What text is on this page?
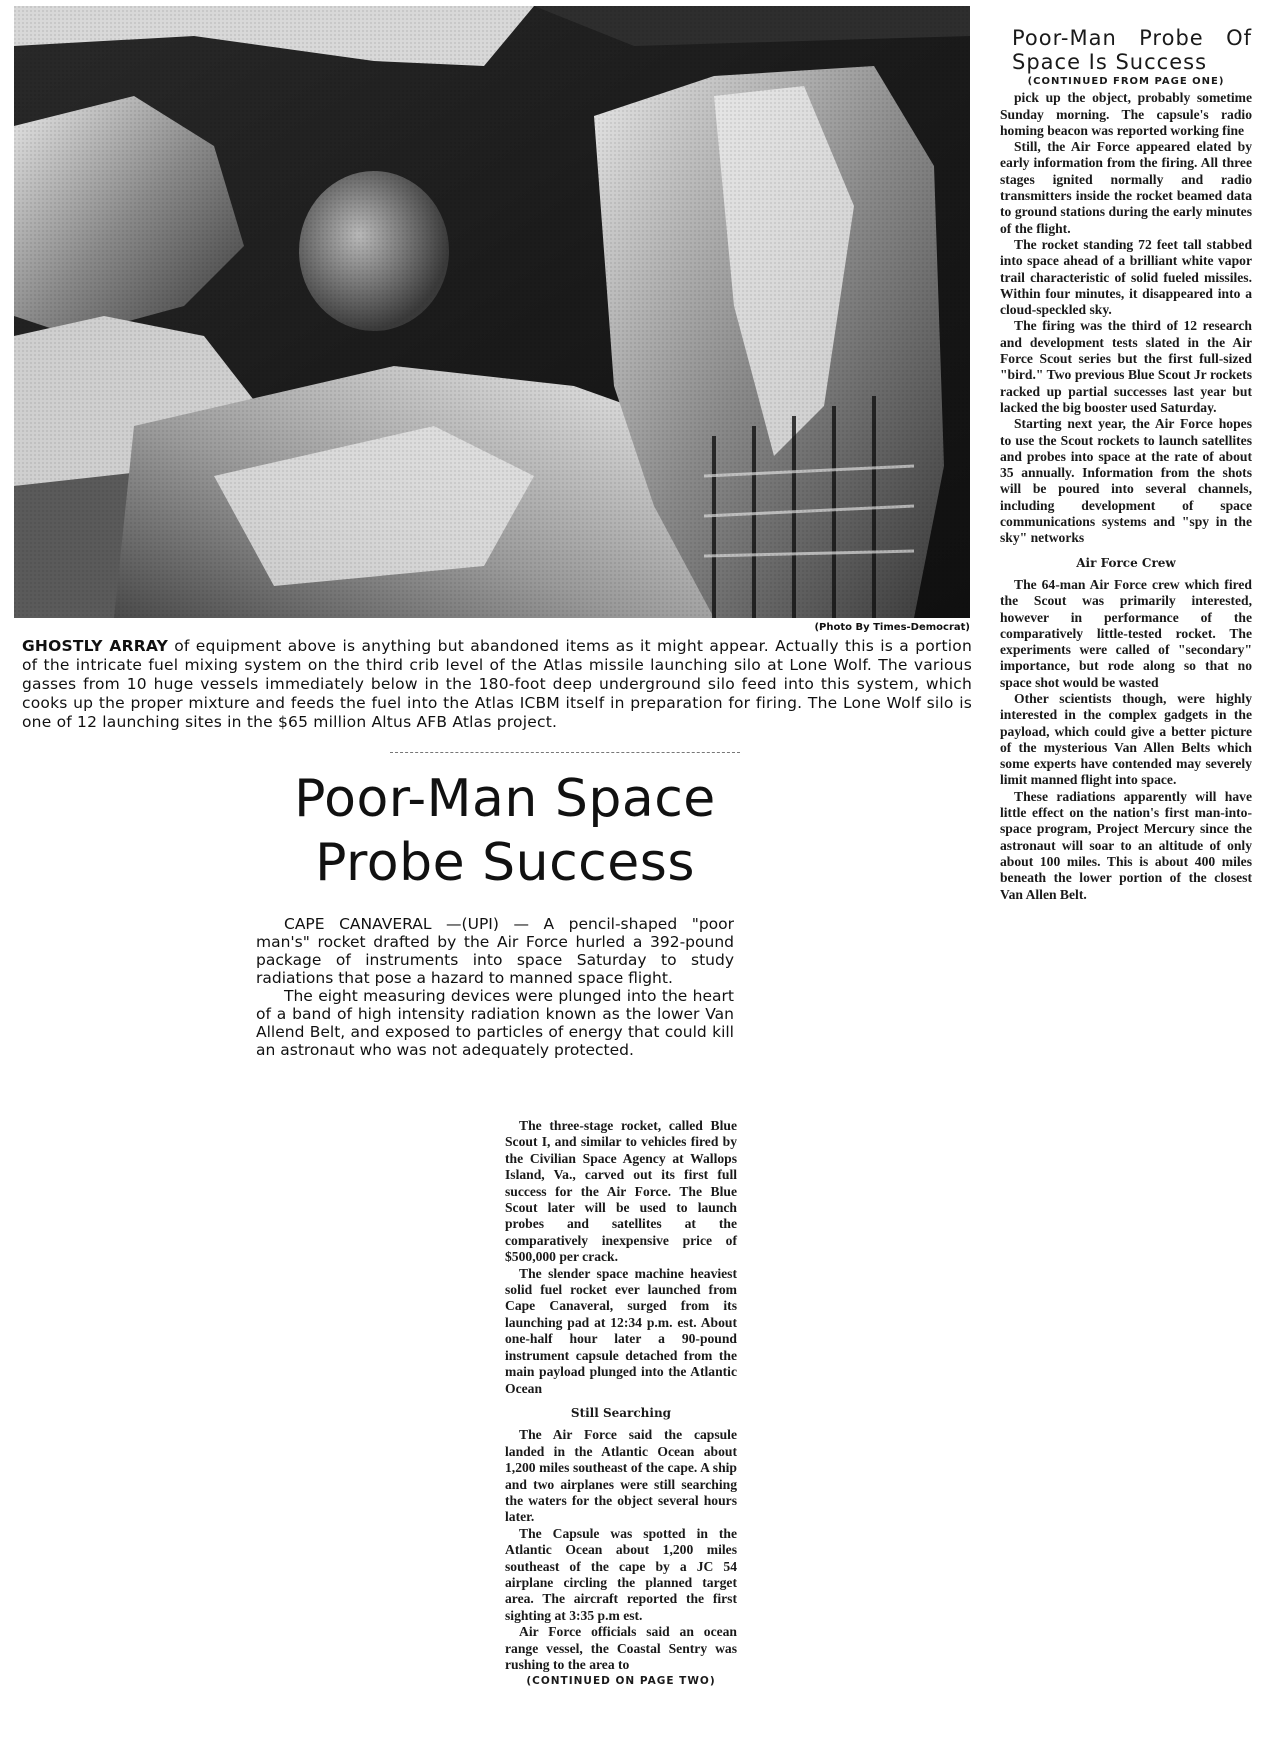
(Photo By Times-Democrat)
GHOSTLY ARRAY of equipment above is anything but abandoned items as it might appear. Actually this is a portion of the intricate fuel mixing system on the third crib level of the Atlas missile launching silo at Lone Wolf. The various gasses from 10 huge vessels immediately below in the 180-foot deep underground silo feed into this system, which cooks up the proper mixture and feeds the fuel into the Atlas ICBM itself in preparation for firing. The Lone Wolf silo is one of 12 launching sites in the $65 million Altus AFB Atlas project.
Poor-Man Space
Probe Success

CAPE CANAVERAL —(UPI) — A pencil-shaped "poor man's" rocket drafted by the Air Force hurled a 392-pound package of instruments into space Saturday to study radiations that pose a hazard to manned space flight.

The eight measuring devices were plunged into the heart of a band of high intensity radiation known as the lower Van Allend Belt, and exposed to particles of energy that could kill an astronaut who was not adequately protected.

The three-stage rocket, called Blue Scout I, and similar to vehicles fired by the Civilian Space Agency at Wallops Island, Va., carved out its first full success for the Air Force. The Blue Scout later will be used to launch probes and satellites at the comparatively inexpensive price of $500,000 per crack.

The slender space machine heaviest solid fuel rocket ever launched from Cape Canaveral, surged from its launching pad at 12:34 p.m. est. About one-half hour later a 90-pound instrument capsule detached from the main payload plunged into the Atlantic Ocean

Still Searching

The Air Force said the capsule landed in the Atlantic Ocean about 1,200 miles southeast of the cape. A ship and two airplanes were still searching the waters for the object several hours later.

The Capsule was spotted in the Atlantic Ocean about 1,200 miles southeast of the cape by a JC 54 airplane circling the planned target area. The aircraft reported the first sighting at 3:35 p.m est.

Air Force officials said an ocean range vessel, the Coastal Sentry was rushing to the area to

(CONTINUED ON PAGE TWO)
Poor-Man Probe Of Space Is Success
(CONTINUED FROM PAGE ONE)

pick up the object, probably sometime Sunday morning. The capsule's radio homing beacon was reported working fine

Still, the Air Force appeared elated by early information from the firing. All three stages ignited normally and radio transmitters inside the rocket beamed data to ground stations during the early minutes of the flight.

The rocket standing 72 feet tall stabbed into space ahead of a brilliant white vapor trail characteristic of solid fueled missiles. Within four minutes, it disappeared into a cloud-speckled sky.

The firing was the third of 12 research and development tests slated in the Air Force Scout series but the first full-sized "bird." Two previous Blue Scout Jr rockets racked up partial successes last year but lacked the big booster used Saturday.

Starting next year, the Air Force hopes to use the Scout rockets to launch satellites and probes into space at the rate of about 35 annually. Information from the shots will be poured into several channels, including development of space communications systems and "spy in the sky" networks

Air Force Crew

The 64-man Air Force crew which fired the Scout was primarily interested, however in performance of the comparatively little-tested rocket. The experiments were called of "secondary" importance, but rode along so that no space shot would be wasted

Other scientists though, were highly interested in the complex gadgets in the payload, which could give a better picture of the mysterious Van Allen Belts which some experts have contended may severely limit manned flight into space.

These radiations apparently will have little effect on the nation's first man-into-space program, Project Mercury since the astronaut will soar to an altitude of only about 100 miles. This is about 400 miles beneath the lower portion of the closest Van Allen Belt.
